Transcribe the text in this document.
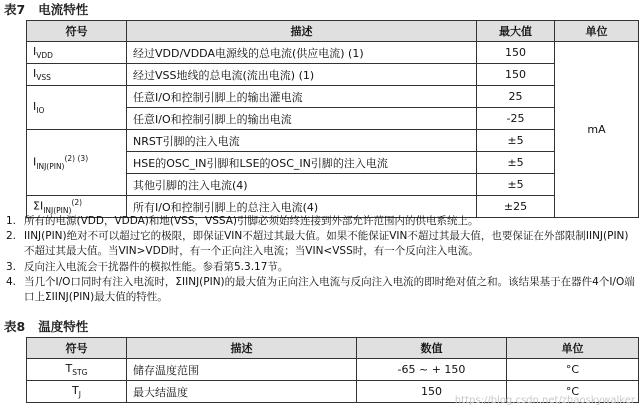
表7   电流特性
符号	描述	最大值	单位
$I_{VDD}$	经过VDD/VDDA电源线的总电流(供应电流) (1)	150	mA
$I_{VSS}$	经过VSS地线的总电流(流出电流) (1)	150	
$I_{IO}$	任意I/O和控制引脚上的输出灌电流	25	
	任意I/O和控制引脚上的输出电流	-25	
$I_{INJ(PIN)}^{(2) (3)}$	NRST引脚的注入电流	±5	
	HSE的OSC_IN引脚和LSE的OSC_IN引脚的注入电流	±5	
	其他引脚的注入电流(4)	±5	
$\Sigma I_{INJ(PIN)}^{(2)}$	所有I/O和控制引脚上的总注入电流(4)	±25	
1. 所有的电源(VDD，VDDA)和地(VSS，VSSA)引脚必须始终连接到外部允许范围内的供电系统上。
2. IINJ(PIN)绝对不可以超过它的极限，即保证VIN不超过其最大值。如果不能保证VIN不超过其最大值，也要保证在外部限制IINJ(PIN)不超过其最大值。当VIN>VDD时，有一个正向注入电流；当VIN<VSS时，有一个反向注入电流。
3. 反向注入电流会干扰器件的模拟性能。参看第5.3.17节。
4. 当几个I/O口同时有注入电流时，ΣIINJ(PIN)的最大值为正向注入电流与反向注入电流的即时绝对值之和。该结果基于在器件4个I/O端口上ΣIINJ(PIN)最大值的特性。
表8   温度特性
符号	描述	数值	单位
$T_{STG}$	储存温度范围	-65 ~ + 150	°C
$T_J$	最大结温度	150	°C
https://blog.csdn.net/zhaoskywalker
